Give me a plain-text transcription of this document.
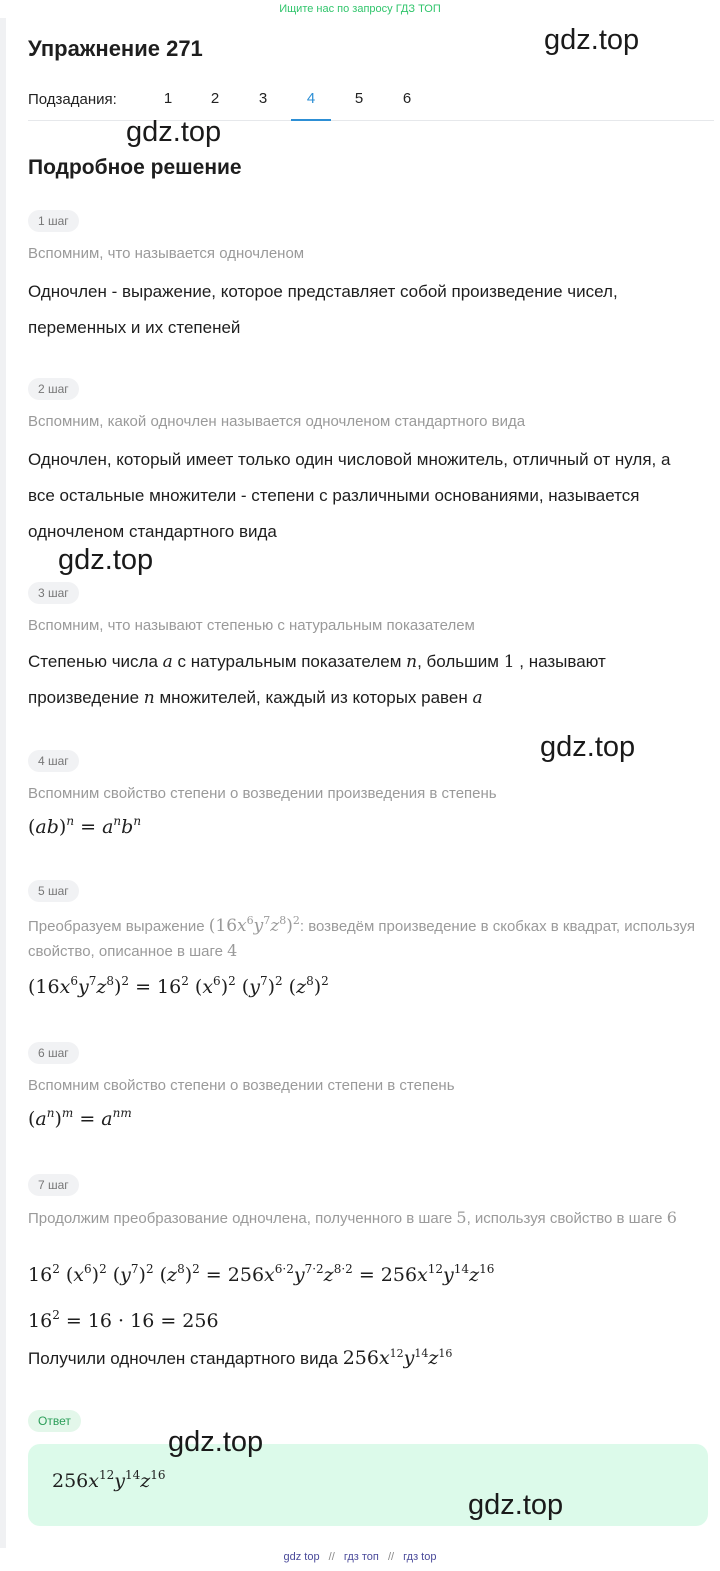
Ищите нас по запросу ГДЗ ТОП
Упражнение 271
Подзадания:	1	2	3	4	5	6
Подробное решение
1 шаг
Вспомним, что называется одночленом
Одночлен - выражение, которое представляет собой произведение чисел, переменных и их степеней
2 шаг
Вспомним, какой одночлен называется одночленом стандартного вида
Одночлен, который имеет только один числовой множитель, отличный от нуля, а все остальные множители - степени с различными основаниями, называется одночленом стандартного вида
3 шаг
Вспомним, что называют степенью с натуральным показателем
Степенью числа a с натуральным показателем n, большим 1 , называют произведение n множителей, каждый из которых равен a
4 шаг
Вспомним свойство степени о возведении произведения в степень
$(ab)^n = a^nb^n$
5 шаг
Преобразуем выражение $(16x^6y^7z^8)^2$: возведём произведение в скобках в квадрат, используя свойство, описанное в шаге 4
$(16x^6y^7z^8)^2 = 16^2$ $(x^6)^2$ $(y^7)^2$ $(z^8)^2$
6 шаг
Вспомним свойство степени о возведении степени в степень
$(a^n)^m = a^{nm}$
7 шаг
Продолжим преобразование одночлена, полученного в шаге 5, используя свойство в шаге 6
$16^2$ $(x^6)^2$ $(y^7)^2$ $(z^8)^2 = 256x^{6\cdot 2}y^{7\cdot 2}z^{8\cdot 2} = 256x^{12}y^{14}z^{16}$
$16^2 = 16 \cdot 16 = 256$
Получили одночлен стандартного вида $256x^{12}y^{14}z^{16}$
Ответ
$256x^{12}y^{14}z^{16}$
gdz.top
gdz.top
gdz.top
gdz.top
gdz.top
gdz.top
gdz top // гдз топ // гдз top
